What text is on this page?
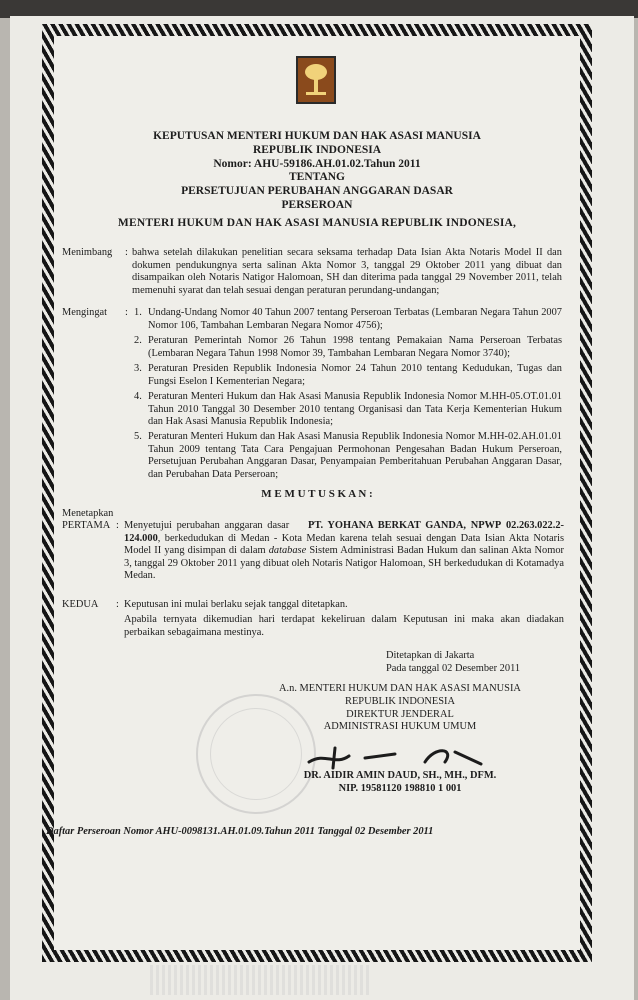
KEPUTUSAN MENTERI HUKUM DAN HAK ASASI MANUSIA
REPUBLIK INDONESIA
Nomor: AHU-59186.AH.01.02.Tahun 2011
TENTANG
PERSETUJUAN PERUBAHAN ANGGARAN DASAR
PERSEROAN
MENTERI HUKUM DAN HAK ASASI MANUSIA REPUBLIK INDONESIA,
Menimbang : bahwa setelah dilakukan penelitian secara seksama terhadap Data Isian Akta Notaris Model II dan dokumen pendukungnya serta salinan Akta Nomor 3, tanggal 29 Oktober 2011 yang dibuat dan disampaikan oleh Notaris Natigor Halomoan, SH dan diterima pada tanggal 29 November 2011, telah memenuhi syarat dan telah sesuai dengan peraturan perundang-undangan;
Mengingat : 1. Undang-Undang Nomor 40 Tahun 2007 tentang Perseroan Terbatas (Lembaran Negara Tahun 2007 Nomor 106, Tambahan Lembaran Negara Nomor 4756);
2. Peraturan Pemerintah Nomor 26 Tahun 1998 tentang Pemakaian Nama Perseroan Terbatas (Lembaran Negara Tahun 1998 Nomor 39, Tambahan Lembaran Negara Nomor 3740);
3. Peraturan Presiden Republik Indonesia Nomor 24 Tahun 2010 tentang Kedudukan, Tugas dan Fungsi Eselon I Kementerian Negara;
4. Peraturan Menteri Hukum dan Hak Asasi Manusia Republik Indonesia Nomor M.HH-05.OT.01.01 Tahun 2010 Tanggal 30 Desember 2010 tentang Organisasi dan Tata Kerja Kementerian Hukum dan Hak Asasi Manusia Republik Indonesia;
5. Peraturan Menteri Hukum dan Hak Asasi Manusia Republik Indonesia Nomor M.HH-02.AH.01.01 Tahun 2009 tentang Tata Cara Pengajuan Permohonan Pengesahan Badan Hukum Perseroan, Persetujuan Perubahan Anggaran Dasar, Penyampaian Pemberitahuan Perubahan Anggaran Dasar, dan Perubahan Data Perseroan;
M E M U T U S K A N :
Menetapkan
PERTAMA : Menyetujui perubahan anggaran dasar PT. YOHANA BERKAT GANDA, NPWP 02.263.022.2-124.000, berkedudukan di Medan - Kota Medan karena telah sesuai dengan Data Isian Akta Notaris Model II yang disimpan di dalam database Sistem Administrasi Badan Hukum dan salinan Akta Nomor 3, tanggal 29 Oktober 2011 yang dibuat oleh Notaris Natigor Halomoan, SH berkedudukan di Kotamadya Medan.
KEDUA : Keputusan ini mulai berlaku sejak tanggal ditetapkan.
Apabila ternyata dikemudian hari terdapat kekeliruan dalam Keputusan ini maka akan diadakan perbaikan sebagaimana mestinya.
Ditetapkan di Jakarta
Pada tanggal 02 Desember 2011
A.n. MENTERI HUKUM DAN HAK ASASI MANUSIA
REPUBLIK INDONESIA
DIREKTUR JENDERAL
ADMINISTRASI HUKUM UMUM
DR. AIDIR AMIN DAUD, SH., MH., DFM.
NIP. 19581120 198810 1 001
Daftar Perseroan Nomor AHU-0098131.AH.01.09.Tahun 2011 Tanggal 02 Desember 2011
